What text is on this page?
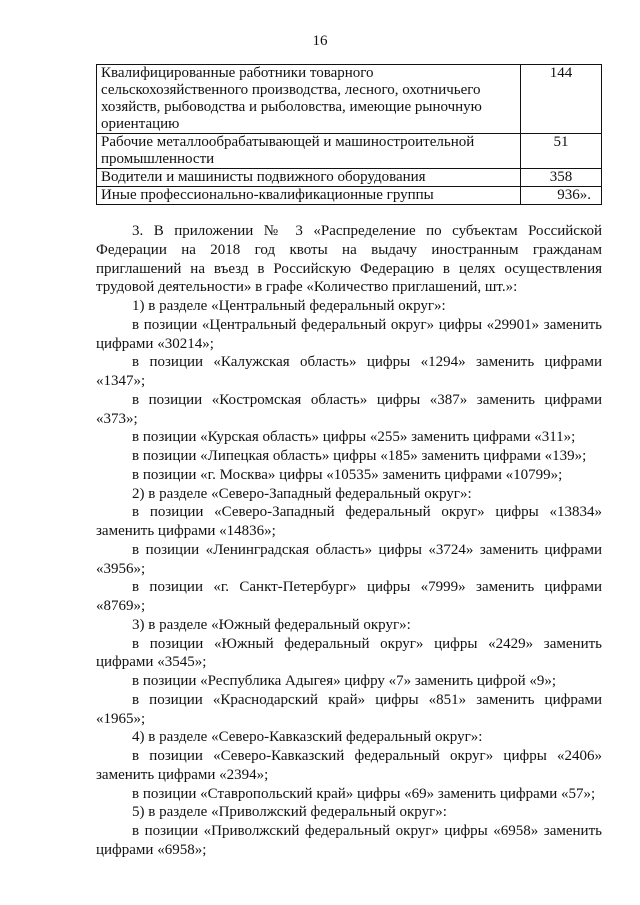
16
Квалифицированные работники товарного сельскохозяйственного производства, лесного, охотничьего хозяйств, рыбоводства и рыболовства, имеющие рыночную ориентацию	144
Рабочие металлообрабатывающей и машиностроительной промышленности	51
Водители и машинисты подвижного оборудования	358
Иные профессионально-квалификационные группы	936».

3. В приложении № 3 «Распределение по субъектам Российской Федерации на 2018 год квоты на выдачу иностранным гражданам приглашений на въезд в Российскую Федерацию в целях осуществления трудовой деятельности» в графе «Количество приглашений, шт.»:

1) в разделе «Центральный федеральный округ»:

в позиции «Центральный федеральный округ» цифры «29901» заменить цифрами «30214»;

в позиции «Калужская область» цифры «1294» заменить цифрами «1347»;

в позиции «Костромская область» цифры «387» заменить цифрами «373»;

в позиции «Курская область» цифры «255» заменить цифрами «311»;

в позиции «Липецкая область» цифры «185» заменить цифрами «139»;

в позиции «г. Москва» цифры «10535» заменить цифрами «10799»;

2) в разделе «Северо-Западный федеральный округ»:

в позиции «Северо-Западный федеральный округ» цифры «13834» заменить цифрами «14836»;

в позиции «Ленинградская область» цифры «3724» заменить цифрами «3956»;

в позиции «г. Санкт-Петербург» цифры «7999» заменить цифрами «8769»;

3) в разделе «Южный федеральный округ»:

в позиции «Южный федеральный округ» цифры «2429» заменить цифрами «3545»;

в позиции «Республика Адыгея» цифру «7» заменить цифрой «9»;

в позиции «Краснодарский край» цифры «851» заменить цифрами «1965»;

4) в разделе «Северо-Кавказский федеральный округ»:

в позиции «Северо-Кавказский федеральный округ» цифры «2406» заменить цифрами «2394»;

в позиции «Ставропольский край» цифры «69» заменить цифрами «57»;

5) в разделе «Приволжский федеральный округ»:

в позиции «Приволжский федеральный округ» цифры «6958» заменить цифрами «6958»;
